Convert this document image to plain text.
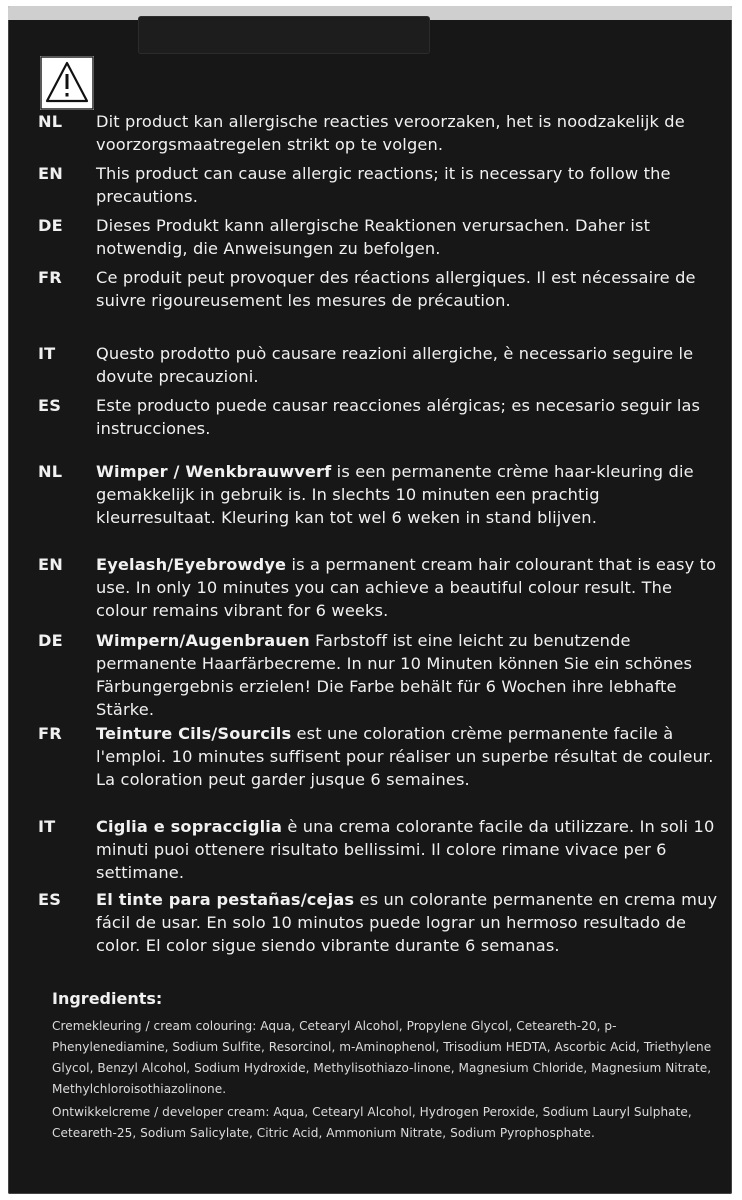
NL	Dit product kan allergische reacties veroorzaken, het is noodzakelijk de voorzorgsmaatregelen strikt op te volgen.
EN	This product can cause allergic reactions; it is necessary to follow the precautions.
DE	Dieses Produkt kann allergische Reaktionen verursachen. Daher ist notwendig, die Anweisungen zu befolgen.
FR	Ce produit peut provoquer des réactions allergiques. Il est nécessaire de suivre rigoureusement les mesures de précaution.
IT	Questo prodotto può causare reazioni allergiche, è necessario seguire le dovute precauzioni.
ES	Este producto puede causar reacciones alérgicas; es necesario seguir las instrucciones.
NL	Wimper / Wenkbrauwverf is een permanente crème haar-kleuring die gemakkelijk in gebruik is. In slechts 10 minuten een prachtig kleurresultaat. Kleuring kan tot wel 6 weken in stand blijven.
EN	Eyelash/Eyebrowdye is a permanent cream hair colourant that is easy to use. In only 10 minutes you can achieve a beautiful colour result. The colour remains vibrant for 6 weeks.
DE	Wimpern/Augenbrauen Farbstoff ist eine leicht zu benutzende permanente Haarfärbecreme. In nur 10 Minuten können Sie ein schönes Färbungergebnis erzielen! Die Farbe behält für 6 Wochen ihre lebhafte Stärke.
FR	Teinture Cils/Sourcils est une coloration crème permanente facile à l'emploi. 10 minutes suffisent pour réaliser un superbe résultat de couleur. La coloration peut garder jusque 6 semaines.
IT	Ciglia e sopracciglia è una crema colorante facile da utilizzare. In soli 10 minuti puoi ottenere risultato bellissimi. Il colore rimane vivace per 6 settimane.
ES	El tinte para pestañas/cejas es un colorante permanente en crema muy fácil de usar. En solo 10 minutos puede lograr un hermoso resultado de color. El color sigue siendo vibrante durante 6 semanas.
Ingredients:
Cremekleuring / cream colouring: Aqua, Cetearyl Alcohol, Propylene Glycol, Ceteareth-20, p-Phenylenediamine, Sodium Sulfite, Resorcinol, m-Aminophenol, Trisodium HEDTA, Ascorbic Acid, Triethylene Glycol, Benzyl Alcohol, Sodium Hydroxide, Methylisothiazo-linone, Magnesium Chloride, Magnesium Nitrate, Methylchloroisothiazolinone.
Ontwikkelcreme / developer cream: Aqua, Cetearyl Alcohol, Hydrogen Peroxide, Sodium Lauryl Sulphate, Ceteareth-25, Sodium Salicylate, Citric Acid, Ammonium Nitrate, Sodium Pyrophosphate.
